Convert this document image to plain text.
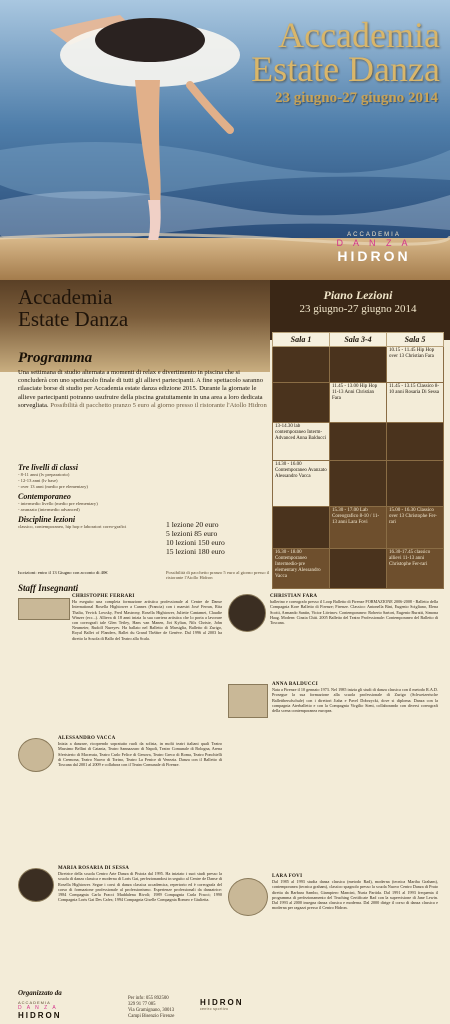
Accademia
Estate Danza
23 giugno-27 giugno 2014
ACCADEMIA
D A N Z A
HIDRON
Accademia
Estate Danza
Piano Lezioni
23 giugno-27 giugno 2014
Sala 1	Sala 3-4	Sala 5
		10.15 - 11.45 Hip Hop over 13 Christian Fara
	11.45 - 13.00 Hip Hop 11-13 Anni Christian Fara	11.45 - 13.15 Classico 8-10 anni Rosaria Di Sessa
13-14.30 lab contemporaneo Interm-Advanced Anna Balducci		
14.30 - 16.00 Contemporaneo Avanzato Alessandro Vacca		
	15.30 - 17.00 Lab Coreografico 8-10 / 11-13 anni Lara Fovi	15.00 - 16.30 Classico over 13 Christophe Fer-rari
16.30 - 18.00 Contemporaneo Intermedio-pre elementary Alessandro Vacca		16.30-17.45 classico allievi 11-13 anni Christophe Fer-rari
Programma
Una settimana di studio alternata a momenti di relax e divertimento in piscina che si concluderà con uno spettacolo finale di tutti gli allievi partecipanti. A fine spettacolo saranno rilasciate borse di studio per Accademia estate danza edizione 2015. Durante la giornate le allieve partecipanti potranno usufruire della piscina gratuitamente in una area a loro dedicata sorvegliata. Possibilità di pacchetto pranzo 5 euro al giorno presso il ristorante l'Atollo Hidron
Tre livelli di classi
- 8-11 anni (lv preparatorio)
- 12-13 anni (lv base)
- over 13 anni (medio pre elementary)
Contemporaneo
- intermedio livello (medio pre elementary)
- avanzato (intermedio advanced)
Discipline lezioni
classico, contemporaneo, hip hop e laboratori coreo-grafici	1 lezione 20 euro
5 lezioni 85 euro
10 lezioni 150 euro
15 lezioni 180 euro
Iscrizioni: entro il 13 Giugno con acconto di 40€	Possibilità di pacchetto pranzo 5 euro al giorno presso il ristorante l'Atollo Hidron
Staff Insegnanti
CHRISTOPHE FERRARI
Ha eseguito una completa formazione artistica professionale al Centre de Danse International Rosella Hightower a Cannes (Francia) con i maestri José Ferran, Rita Thalia, Yevick Lowsky, Fred Mastrony, Rosella Hightower, Juliette Cantamet, Claudie Winzer (ecc...). Allieva di 18 anni inizia la sua carriera artistica che lo porta a lavorare con coreografi tale Glen Tetley, Hans van Manen, Jiri Kylian, Nils Christe, John Neumeier, Rudolf Nureyev. Ha ballato nel Balletto di Marsiglia, Balletto di Zurigo, Royal Ballet of Flanders, Ballet du Grand Théâtre de Genève. Dal 1996 al 2003 ha diretto la Scuola di Ballo del Teatro alla Scala.
CHRISTIAN FARA
ballerino e coreografo presso il Loop Balletto di Firenze FORMAZIONE 2006-2008 - Balletto della Compagnia Kore Balletto di Firenze; Firenze. Classico: Antonella Bini, Eugenio Scigliano, Elena Scotti, Armando Santin, Victor Litvinov. Contemporaneo: Roberto Sartori, Eugenio Buratti, Simona Haag. Modern: Cinzia Chiti. 2005 Balletto del Teatro Professionale: Contemporaneo del Balletto di Toscana.
ANNA BALDUCCI
Nata a Firenze il 10 gennaio 1973. Nel 1985 inizia gli studi di danza classica con il metodo R.A.D. Prosegue la sua formazione alla scuola professionale di Zurigo (Schweizerische Ballettberufschule) con i direttori Jiaba e Pavel Dobrzycki, dove si diploma. Danza con la compagnia Aterballetto e con la Compagnia Virgilio Sieni, collaborando con diversi coreografi della scena contemporanea europea.
ALESSANDRO VACCA
Inizia a danzare, ricoprendo sopratutto ruoli da solista, in molti teatri italiani quali Teatro Massimo Bellini di Catania, Teatro Sannazzaro di Napoli, Teatro Comunale di Bologna, Arena Sferisterio di Macerata, Teatro Carlo Felice di Genova, Teatro Greco di Roma, Teatro Ponchielli di Cremona, Teatro Nuovo di Torino, Teatro La Fenice di Venezia. Danza con il Balletto di Toscana dal 2001 al 2009 e collabora con il Teatro Comunale di Firenze.
MARIA ROSARIA DI SESSA
Diretrice della scuola Centro Arte Danza di Pistoia dal 1995. Ha iniziato i suoi studi presso la scuola di danza classica e moderna di Loris Gai, perfezionandosi in seguito al Centre de Danse di Rosella Hightower. Segue i corsi di danza classica accademica, repertorio ed è coreografa del corso di formazione professionale al professionismo. Esperienze professionali da danzatrice: 1984 Compagnia Carla Fracci Maddalena Rivoli; 1989 Compagnia Carla Fracci; 1990 Compagnia Loris Gai Des Cafes; 1994 Compagnia Giselle Compagnia Romeo e Giulietta.
LARA FOVI
Dal 1985 al 1993 studia danza classica (metodo Rad), moderna (tecnica Martha Graham), contemporanea (tecnica graham), classico spagnolo presso la scuola Nuovo Centro Danza di Prato diretta da Barbara Sambo, Giampiero Mancini, Nuria Partida. Dal 1991 al 1993 frequenta il programma di perfezionamento del Teaching Certificate Rad con la supervisione di Jane Lewin. Dal 1993 al 2000 insegna danza classica e moderna. Dal 2000 dirige il corso di danza classica e moderna per ragazzi presso il Centro Hidron.
Organizzato da
ACCADEMIA
D A N Z A
HIDRON
Per info: 055 892500
329 91 77 085
Via Gramignano, 30013
Campi Bisenzio Firenze
HIDRON
centro sportivo
